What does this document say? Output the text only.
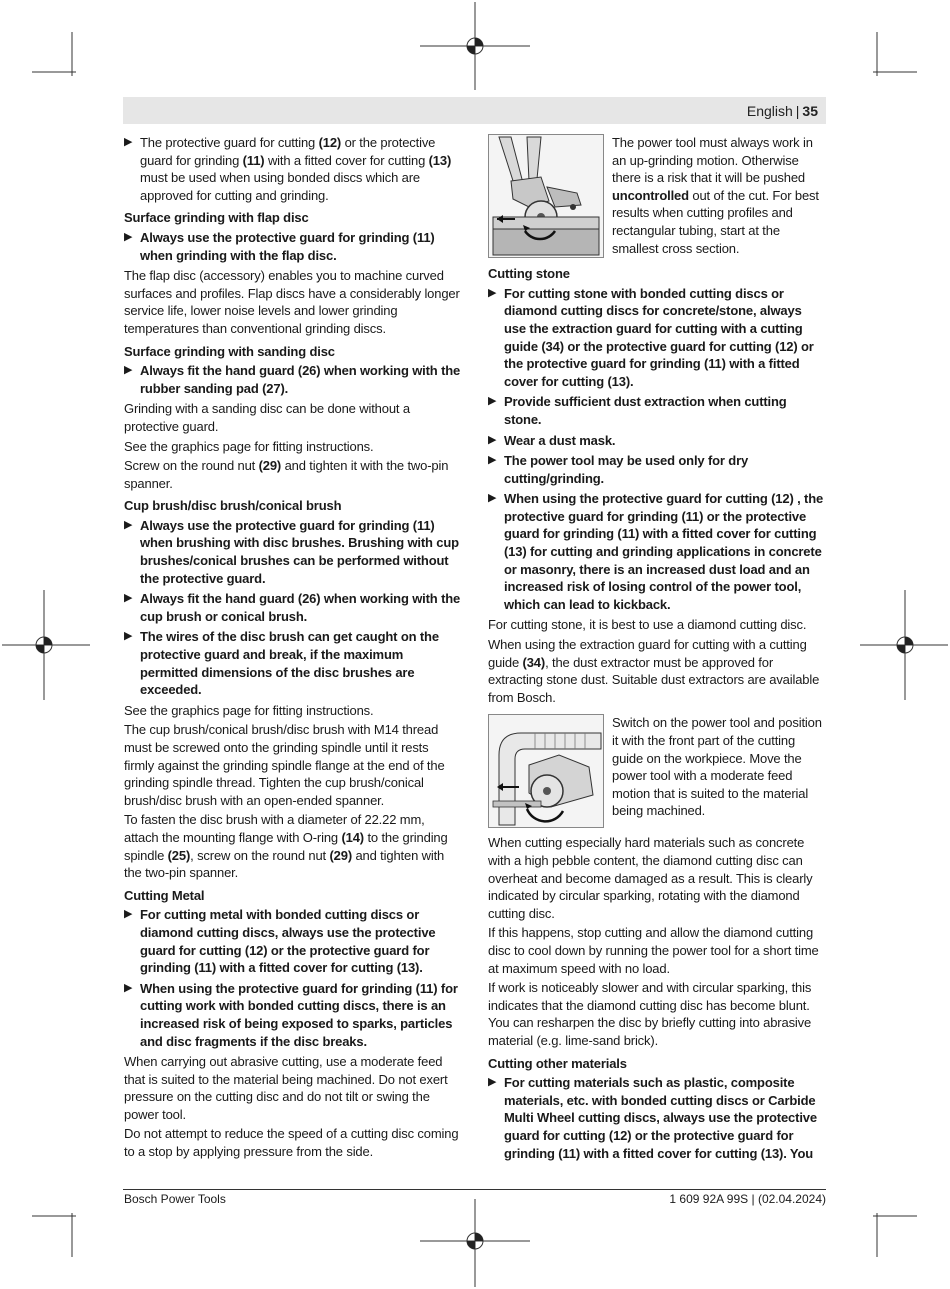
English | 35
▶ The protective guard for cutting (12) or the protective guard for grinding (11) with a fitted cover for cutting (13) must be used when using bonded discs which are approved for cutting and grinding.
Surface grinding with flap disc
▶ Always use the protective guard for grinding (11) when grinding with the flap disc.

The flap disc (accessory) enables you to machine curved surfaces and profiles. Flap discs have a considerably longer service life, lower noise levels and lower grinding temperatures than conventional grinding discs.

Surface grinding with sanding disc
▶ Always fit the hand guard (26) when working with the rubber sanding pad (27).

Grinding with a sanding disc can be done without a protective guard.

See the graphics page for fitting instructions.

Screw on the round nut (29) and tighten it with the two-pin spanner.

Cup brush/disc brush/conical brush
▶ Always use the protective guard for grinding (11) when brushing with disc brushes. Brushing with cup brushes/conical brushes can be performed without the protective guard.
▶ Always fit the hand guard (26) when working with the cup brush or conical brush.
▶ The wires of the disc brush can get caught on the protective guard and break, if the maximum permitted dimensions of the disc brushes are exceeded.

See the graphics page for fitting instructions.

The cup brush/conical brush/disc brush with M14 thread must be screwed onto the grinding spindle until it rests firmly against the grinding spindle flange at the end of the grinding spindle thread. Tighten the cup brush/conical brush/disc brush with an open-ended spanner.

To fasten the disc brush with a diameter of 22.22 mm, attach the mounting flange with O-ring (14) to the grinding spindle (25), screw on the round nut (29) and tighten with the two-pin spanner.

Cutting Metal
▶ For cutting metal with bonded cutting discs or diamond cutting discs, always use the protective guard for cutting (12) or the protective guard for grinding (11) with a fitted cover for cutting (13).
▶ When using the protective guard for grinding (11) for cutting work with bonded cutting discs, there is an increased risk of being exposed to sparks, particles and disc fragments if the disc breaks.

When carrying out abrasive cutting, use a moderate feed that is suited to the material being machined. Do not exert pressure on the cutting disc and do not tilt or swing the power tool.

Do not attempt to reduce the speed of a cutting disc coming to a stop by applying pressure from the side.

The power tool must always work in an up-grinding motion. Otherwise there is a risk that it will be pushed uncontrolled out of the cut. For best results when cutting profiles and rectangular tubing, start at the smallest cross section.

Cutting stone
▶ For cutting stone with bonded cutting discs or diamond cutting discs for concrete/stone, always use the extraction guard for cutting with a cutting guide (34) or the protective guard for cutting (12) or the protective guard for grinding (11) with a fitted cover for cutting (13).
▶ Provide sufficient dust extraction when cutting stone.
▶ Wear a dust mask.
▶ The power tool may be used only for dry cutting/grinding.
▶ When using the protective guard for cutting (12) , the protective guard for grinding (11) or the protective guard for grinding (11) with a fitted cover for cutting (13) for cutting and grinding applications in concrete or masonry, there is an increased dust load and an increased risk of losing control of the power tool, which can lead to kickback.

For cutting stone, it is best to use a diamond cutting disc.

When using the extraction guard for cutting with a cutting guide (34), the dust extractor must be approved for extracting stone dust. Suitable dust extractors are available from Bosch.

Switch on the power tool and position it with the front part of the cutting guide on the workpiece. Move the power tool with a moderate feed motion that is suited to the material being machined.

When cutting especially hard materials such as concrete with a high pebble content, the diamond cutting disc can overheat and become damaged as a result. This is clearly indicated by circular sparking, rotating with the diamond cutting disc.

If this happens, stop cutting and allow the diamond cutting disc to cool down by running the power tool for a short time at maximum speed with no load.

If work is noticeably slower and with circular sparking, this indicates that the diamond cutting disc has become blunt. You can resharpen the disc by briefly cutting into abrasive material (e.g. lime-sand brick).

Cutting other materials
▶ For cutting materials such as plastic, composite materials, etc. with bonded cutting discs or Carbide Multi Wheel cutting discs, always use the protective guard for cutting (12) or the protective guard for grinding (11) with a fitted cover for cutting (13). You
Bosch Power Tools	1 609 92A 99S | (02.04.2024)
